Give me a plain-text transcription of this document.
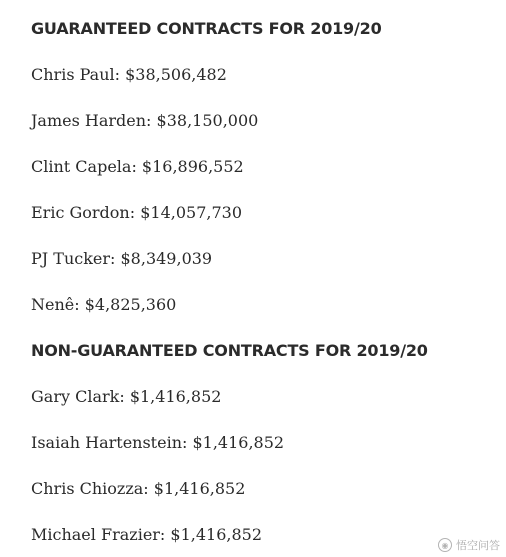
GUARANTEED CONTRACTS FOR 2019/20

Chris Paul: $38,506,482

James Harden: $38,150,000

Clint Capela: $16,896,552

Eric Gordon: $14,057,730

PJ Tucker: $8,349,039

Nenê: $4,825,360

NON-GUARANTEED CONTRACTS FOR 2019/20

Gary Clark: $1,416,852

Isaiah Hartenstein: $1,416,852

Chris Chiozza: $1,416,852

Michael Frazier: $1,416,852

◉ 悟空问答
